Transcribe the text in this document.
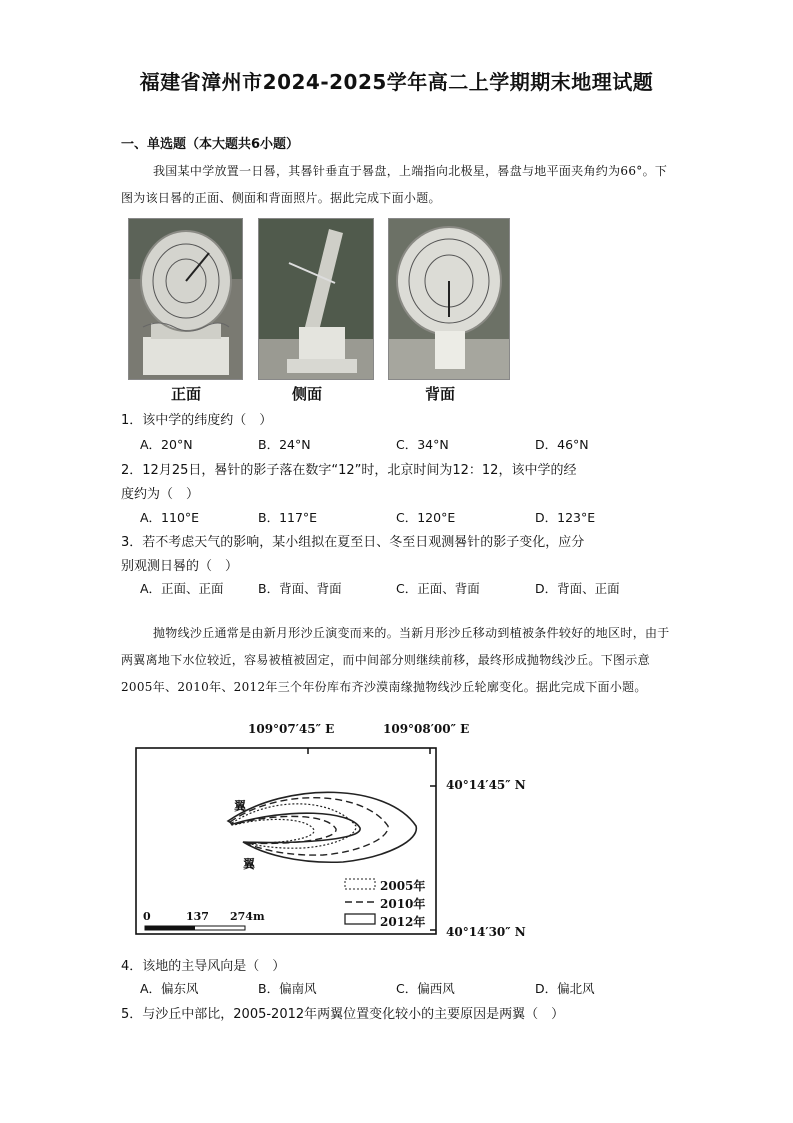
福建省漳州市2024-2025学年高二上学期期末地理试题
一、单选题（本大题共6小题）
我国某中学放置一日晷，其晷针垂直于晷盘，上端指向北极星，晷盘与地平面夹角约为66°。下图为该日晷的正面、侧面和背面照片。据此完成下面小题。
正面	侧面	背面
1．该中学的纬度约（　）
A．20°N	B．24°N	C．34°N	D．46°N
2．12月25日，晷针的影子落在数字“12”时，北京时间为12：12，该中学的经
度约为（　）
A．110°E	B．117°E	C．120°E	D．123°E
3．若不考虑天气的影响，某小组拟在夏至日、冬至日观测晷针的影子变化，应分
别观测日晷的（　）
A．正面、正面	B．背面、背面	C．正面、背面	D．背面、正面
抛物线沙丘通常是由新月形沙丘演变而来的。当新月形沙丘移动到植被条件较好的地区时，由于两翼离地下水位较近，容易被植被固定，而中间部分则继续前移，最终形成抛物线沙丘。下图示意2005年、2010年、2012年三个年份库布齐沙漠南缘抛物线沙丘轮廓变化。据此完成下面小题。
109°07′45″ E	109°08′00″ E
40°14′45″ N
40°14′30″ N
翼
翼
2005年
2010年
2012年
0	137 274m
4．该地的主导风向是（　）
A．偏东风	B．偏南风	C．偏西风	D．偏北风
5．与沙丘中部比，2005-2012年两翼位置变化较小的主要原因是两翼（　）
